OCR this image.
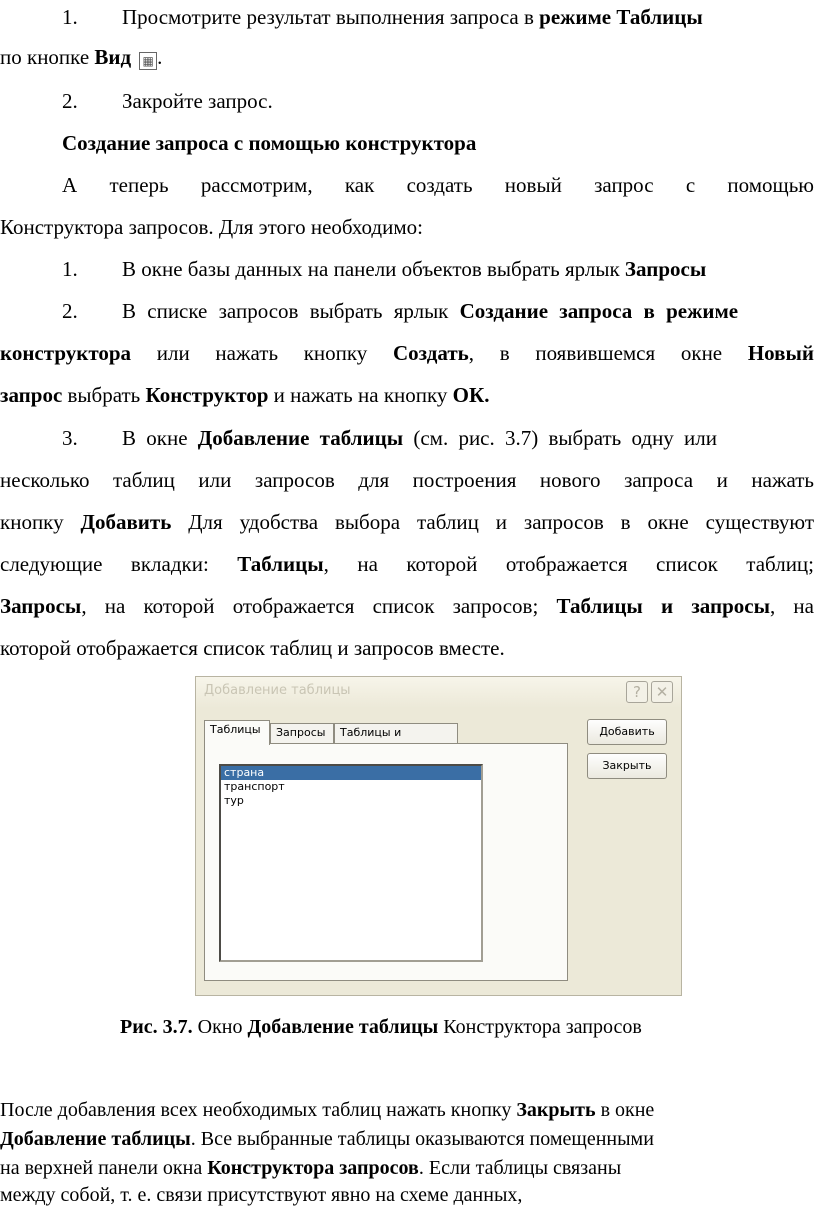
1. Просмотрите результат выполнения запроса в режиме Таблицы
по кнопке Вид ▦ .
2. Закройте запрос.
Создание запроса с помощью конструктора
А теперь рассмотрим, как создать новый запрос с помощью
Конструктора запросов. Для этого необходимо:
1. В окне базы данных на панели объектов выбрать ярлык Запросы
2. В списке запросов выбрать ярлык Создание запроса в режиме
конструктора или нажать кнопку Создать, в появившемся окне Новый
запрос выбрать Конструктор и нажать на кнопку ОК.
3. В окне Добавление таблицы (см. рис. 3.7) выбрать одну или
несколько таблиц или запросов для построения нового запроса и нажать
кнопку Добавить Для удобства выбора таблиц и запросов в окне существуют
следующие вкладки: Таблицы, на которой отображается список таблиц;
Запросы, на которой отображается список запросов; Таблицы и запросы, на
которой отображается список таблиц и запросов вместе.
Добавление таблицы	? ✕
Таблицы	Запросы	Таблицы и
страна
транспорт
тур
Добавить
Закрыть
Рис. 3.7. Окно Добавление таблицы Конструктора запросов
После добавления всех необходимых таблиц нажать кнопку Закрыть в окне
Добавление таблицы. Все выбранные таблицы оказываются помещенными
на верхней панели окна Конструктора запросов. Если таблицы связаны
между собой, т. е. связи присутствуют явно на схеме данных,
